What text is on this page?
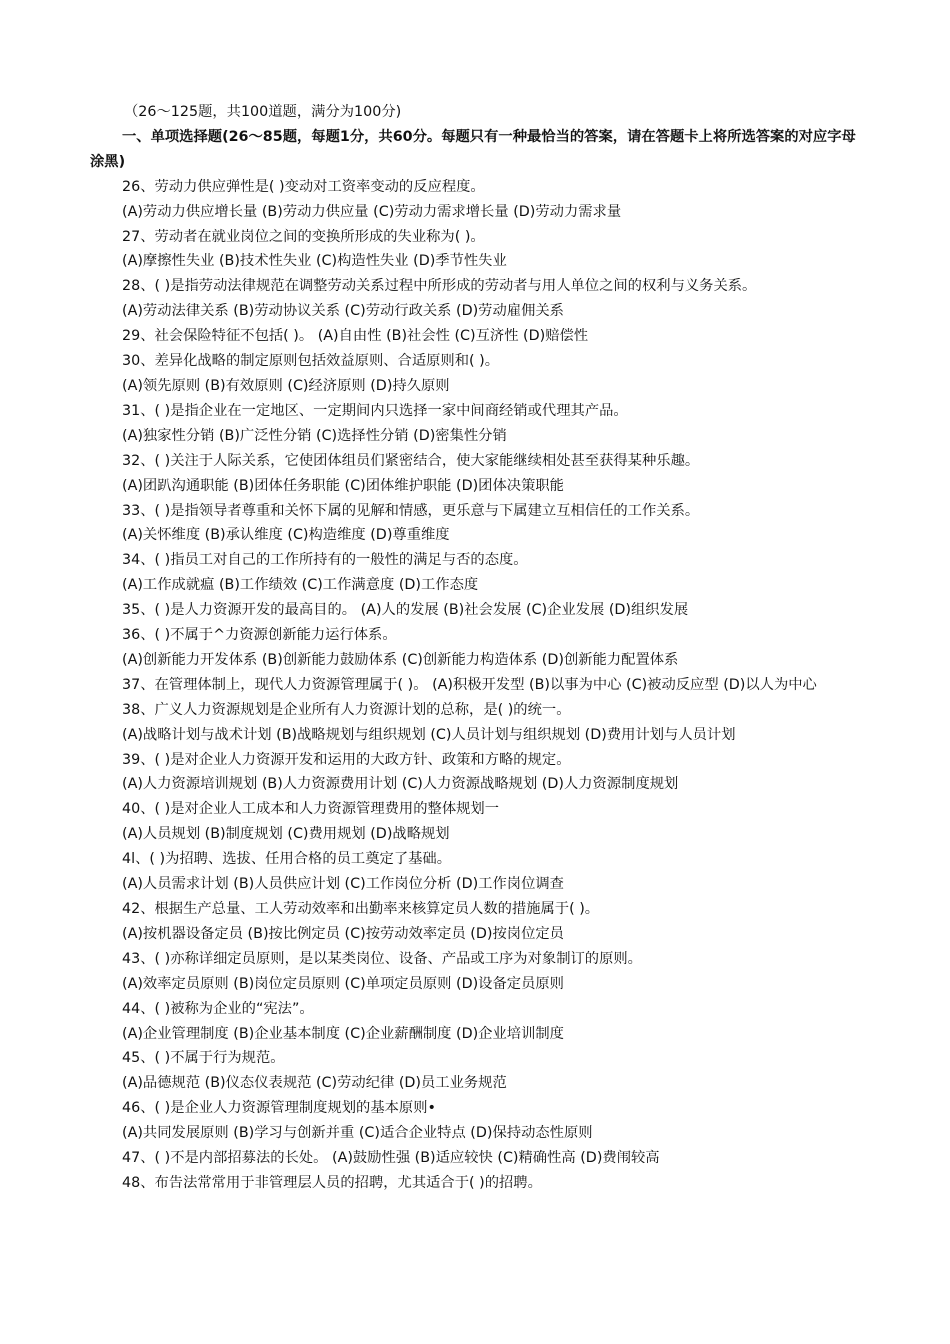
（26～125题，共100道题，满分为100分)
一、单项选择题(26～85题，每题1分，共60分。每题只有一种最恰当的答案，请在答题卡上将所选答案的对应字母涂黑)
26、劳动力供应弹性是( )变动对工资率变动的反应程度。
(A)劳动力供应增长量 (B)劳动力供应量 (C)劳动力需求增长量 (D)劳动力需求量
27、劳动者在就业岗位之间的变换所形成的失业称为( )。
(A)摩擦性失业 (B)技术性失业 (C)构造性失业 (D)季节性失业
28、( )是指劳动法律规范在调整劳动关系过程中所形成的劳动者与用人单位之间的权利与义务关系。
(A)劳动法律关系 (B)劳动协议关系 (C)劳动行政关系 (D)劳动雇佣关系
29、社会保险特征不包括( )。 (A)自由性 (B)社会性 (C)互济性 (D)赔偿性
30、差异化战略的制定原则包括效益原则、合适原则和( )。
(A)领先原则 (B)有效原则 (C)经济原则 (D)持久原则
31、( )是指企业在一定地区、一定期间内只选择一家中间商经销或代理其产品。
(A)独家性分销 (B)广泛性分销 (C)选择性分销 (D)密集性分销
32、( )关注于人际关系，它使团体组员们紧密结合，使大家能继续相处甚至获得某种乐趣。
(A)团趴沟通职能 (B)团体任务职能 (C)团体维护职能 (D)团体决策职能
33、( )是指领导者尊重和关怀下属的见解和情感，更乐意与下属建立互相信任的工作关系。
(A)关怀维度 (B)承认维度 (C)构造维度 (D)尊重维度
34、( )指员工对自己的工作所持有的一般性的满足与否的态度。
(A)工作成就瘟 (B)工作绩效 (C)工作满意度 (D)工作态度
35、( )是人力资源开发的最高目的。 (A)人的发展 (B)社会发展 (C)企业发展 (D)组织发展
36、( )不属于^力资源创新能力运行体系。
(A)创新能力开发体系 (B)创新能力鼓励体系 (C)创新能力构造体系 (D)创新能力配置体系
37、在管理体制上，现代人力资源管理属于( )。 (A)积极开发型 (B)以事为中心 (C)被动反应型 (D)以人为中心
38、广义人力资源规划是企业所有人力资源计划的总称，是( )的统一。
(A)战略计划与战术计划 (B)战略规划与组织规划 (C)人员计划与组织规划 (D)费用计划与人员计划
39、( )是对企业人力资源开发和运用的大政方针、政策和方略的规定。
(A)人力资源培训规划 (B)人力资源费用计划 (C)人力资源战略规划 (D)人力资源制度规划
40、( )是对企业人工成本和人力资源管理费用的整体规划一
(A)人员规划 (B)制度规划 (C)费用规划 (D)战略规划
4l、( )为招聘、选拔、任用合格的员工奠定了基础。
(A)人员需求计划 (B)人员供应计划 (C)工作岗位分析 (D)工作岗位调查
42、根据生产总量、工人劳动效率和出勤率来核算定员人数的措施属于( )。
(A)按机器设备定员 (B)按比例定员 (C)按劳动效率定员 (D)按岗位定员
43、( )亦称详细定员原则，是以某类岗位、设备、产品或工序为对象制订的原则。
(A)效率定员原则 (B)岗位定员原则 (C)单项定员原则 (D)设备定员原则
44、( )被称为企业的“宪法”。
(A)企业管理制度 (B)企业基本制度 (C)企业薪酬制度 (D)企业培训制度
45、( )不属于行为规范。
(A)品德规范 (B)仪态仪表规范 (C)劳动纪律 (D)员工业务规范
46、( )是企业人力资源管理制度规划的基本原则•
(A)共同发展原则 (B)学习与创新并重 (C)适合企业特点 (D)保持动态性原则
47、( )不是内部招募法的长处。 (A)鼓励性强 (B)适应较快 (C)精确性高 (D)费闱较高
48、布告法常常用于非管理层人员的招聘，尤其适合于( )的招聘。
